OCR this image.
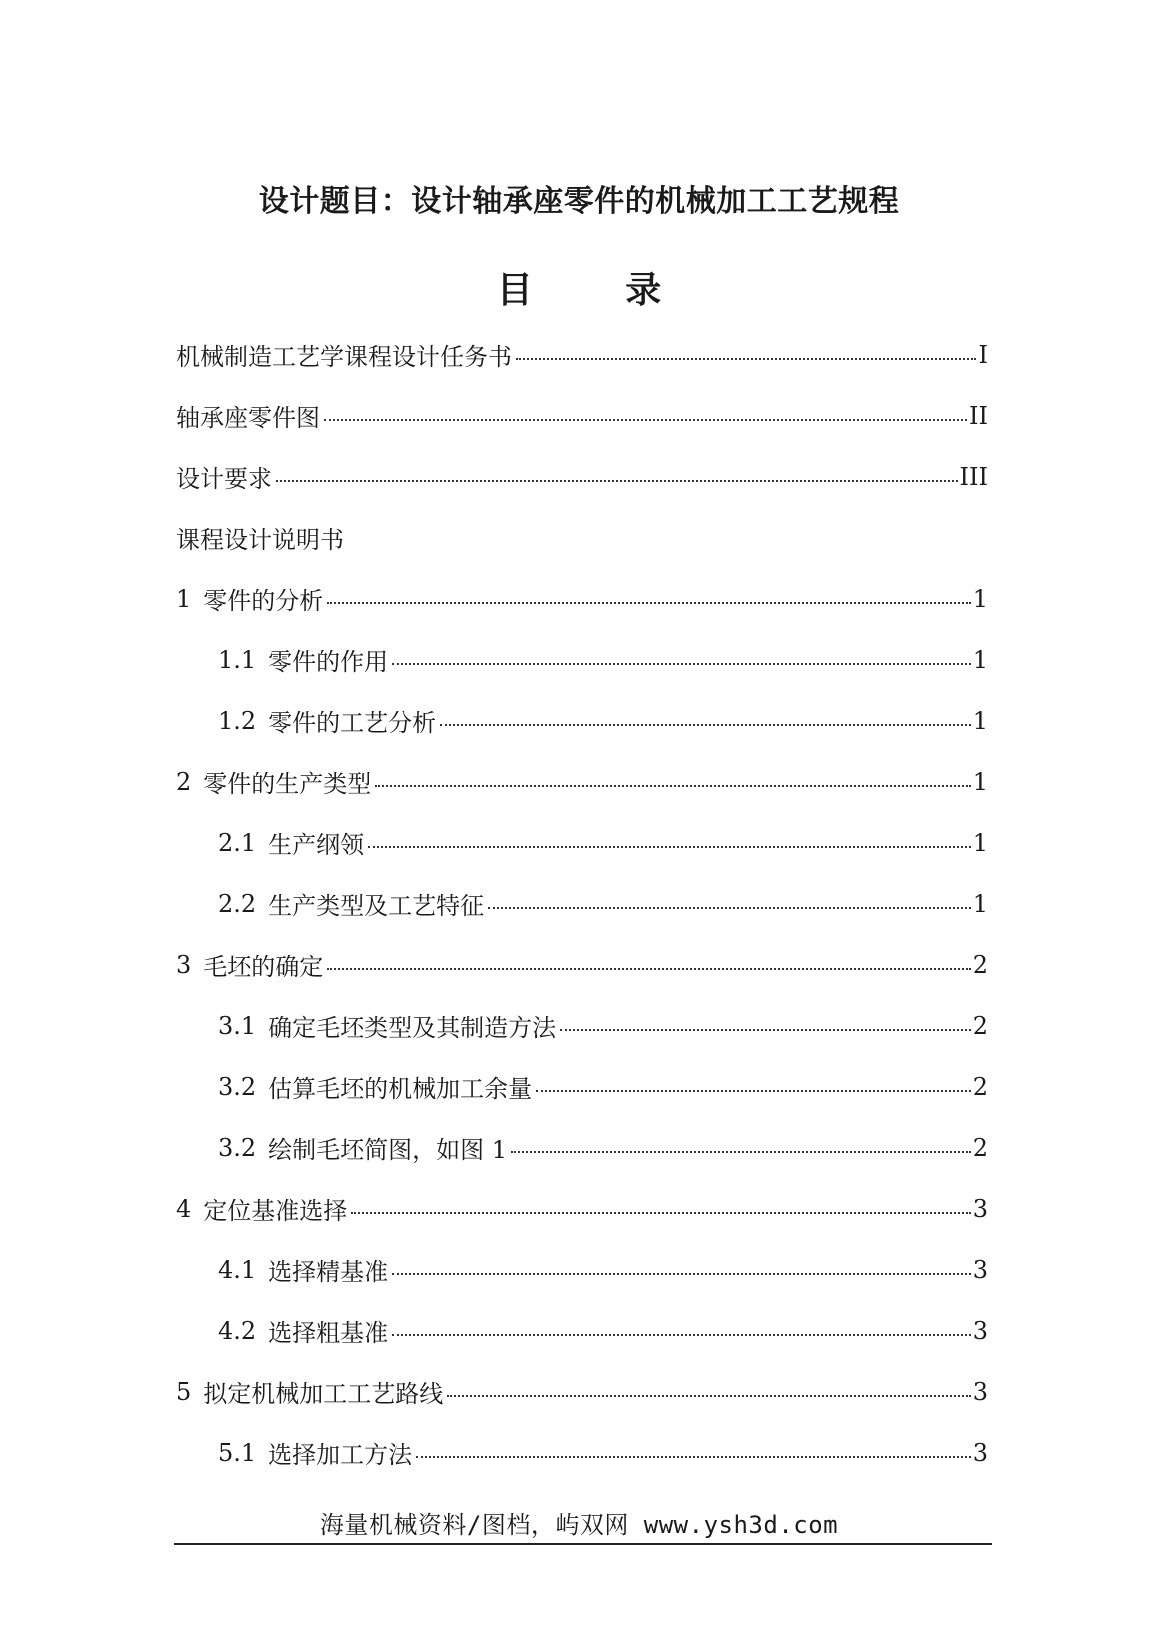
设计题目：设计轴承座零件的机械加工工艺规程
目 录
机械制造工艺学课程设计任务书	I
轴承座零件图	II
设计要求	III
课程设计说明书
1 零件的分析	1
1.1 零件的作用	1
1.2 零件的工艺分析	1
2 零件的生产类型	1
2.1 生产纲领	1
2.2 生产类型及工艺特征	1
3 毛坯的确定	2
3.1 确定毛坯类型及其制造方法	2
3.2 估算毛坯的机械加工余量	2
3.2 绘制毛坯简图，如图 1	2
4 定位基准选择	3
4.1 选择精基准	3
4.2 选择粗基准	3
5 拟定机械加工工艺路线	3
5.1 选择加工方法	3
海量机械资料/图档，屿双网 www.ysh3d.com
